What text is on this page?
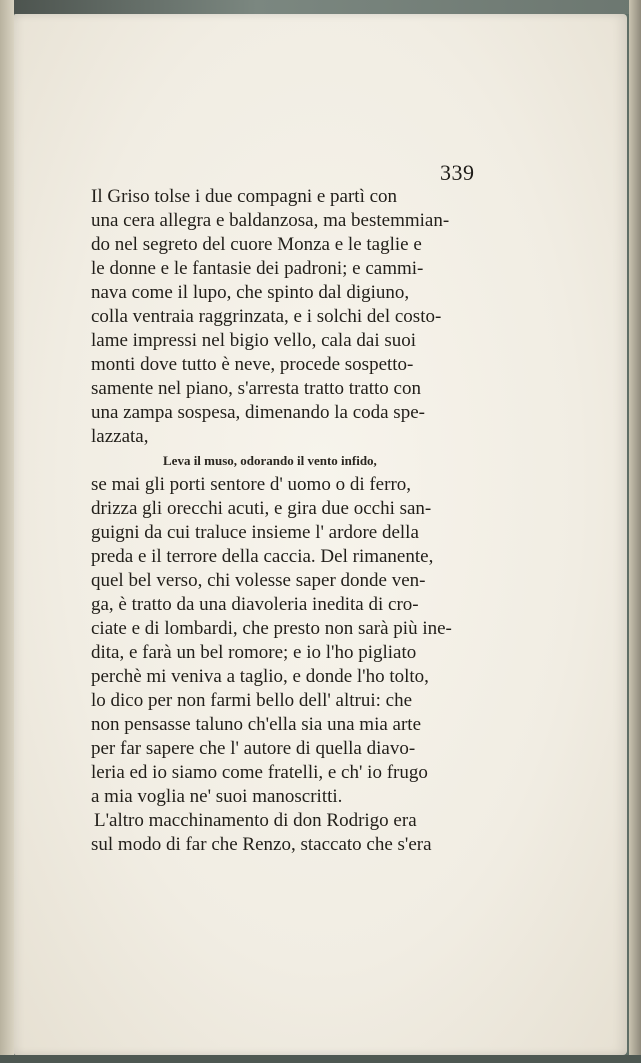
339
Il Griso tolse i due compagni e partì con
una cera allegra e baldanzosa, ma bestemmian-
do nel segreto del cuore Monza e le taglie e
le donne e le fantasie dei padroni; e cammi-
nava come il lupo, che spinto dal digiuno,
colla ventraia raggrinzata, e i solchi del costo-
lame impressi nel bigio vello, cala dai suoi
monti dove tutto è neve, procede sospetto-
samente nel piano, s'arresta tratto tratto con
una zampa sospesa, dimenando la coda spe-
lazzata,
Leva il muso, odorando il vento infido,
se mai gli porti sentore d' uomo o di ferro,
drizza gli orecchi acuti, e gira due occhi san-
guigni da cui traluce insieme l' ardore della
preda e il terrore della caccia. Del rimanente,
quel bel verso, chi volesse saper donde ven-
ga, è tratto da una diavoleria inedita di cro-
ciate e di lombardi, che presto non sarà più ine-
dita, e farà un bel romore; e io l'ho pigliato
perchè mi veniva a taglio, e donde l'ho tolto,
lo dico per non farmi bello dell' altrui: che
non pensasse taluno ch'ella sia una mia arte
per far sapere che l' autore di quella diavo-
leria ed io siamo come fratelli, e ch' io frugo
a mia voglia ne' suoi manoscritti.
L'altro macchinamento di don Rodrigo era
sul modo di far che Renzo, staccato che s'era
